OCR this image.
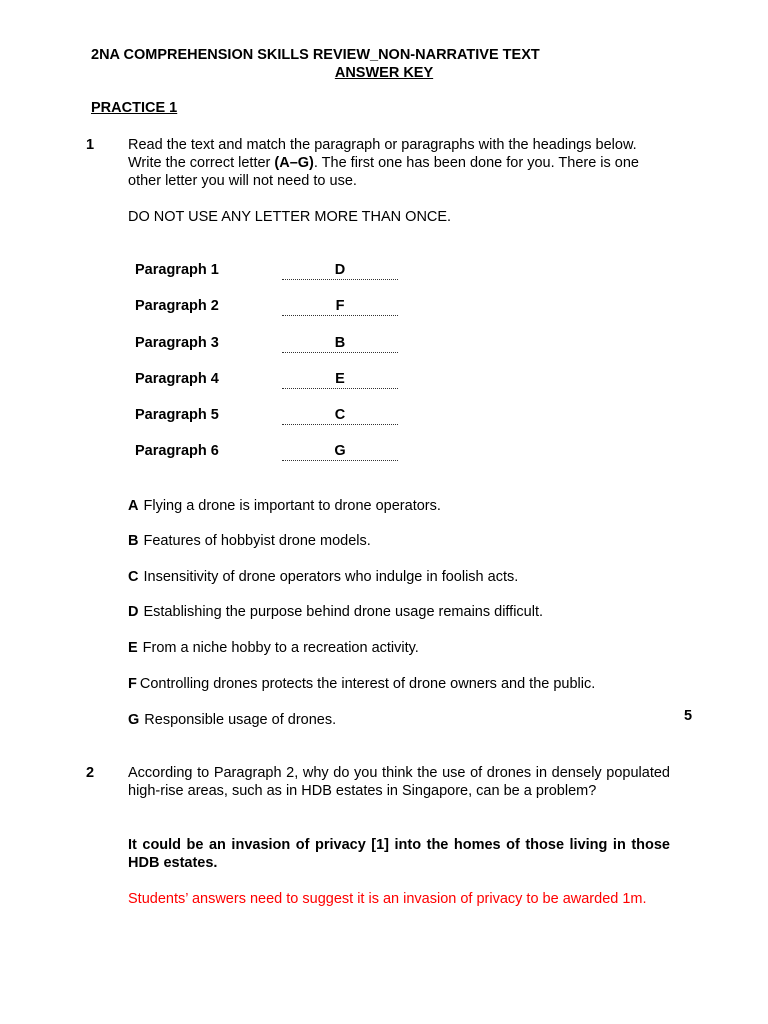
2NA COMPREHENSION SKILLS REVIEW_NON-NARRATIVE TEXT
ANSWER KEY
PRACTICE 1
1 Read the text and match the paragraph or paragraphs with the headings below. Write the correct letter (A–G). The first one has been done for you. There is one other letter you will not need to use.
DO NOT USE ANY LETTER MORE THAN ONCE.
Paragraph 1	D
Paragraph 2	F
Paragraph 3	B
Paragraph 4	E
Paragraph 5	C
Paragraph 6	G
A Flying a drone is important to drone operators.
B Features of hobbyist drone models.
C Insensitivity of drone operators who indulge in foolish acts.
D Establishing the purpose behind drone usage remains difficult.
E From a niche hobby to a recreation activity.
F Controlling drones protects the interest of drone owners and the public.
G Responsible usage of drones.	5
2 According to Paragraph 2, why do you think the use of drones in densely populated high-rise areas, such as in HDB estates in Singapore, can be a problem?
It could be an invasion of privacy [1] into the homes of those living in those HDB estates.
Students’ answers need to suggest it is an invasion of privacy to be awarded 1m.
